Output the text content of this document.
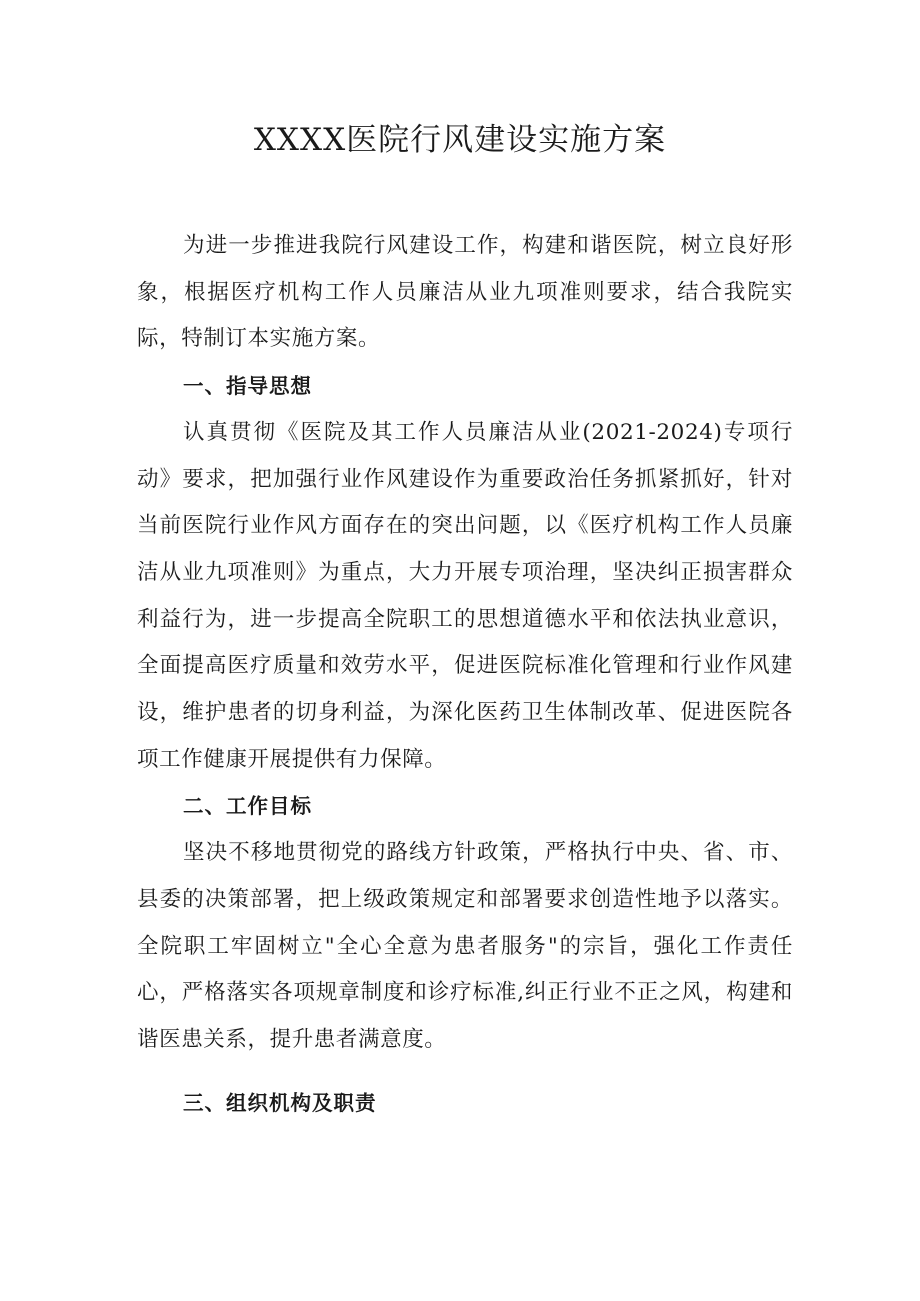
XXXX医院行风建设实施方案

为进一步推进我院行风建设工作，构建和谐医院，树立良好形象，根据医疗机构工作人员廉洁从业九项准则要求，结合我院实际，特制订本实施方案。

一、指导思想

认真贯彻《医院及其工作人员廉洁从业(2021-2024)专项行动》要求，把加强行业作风建设作为重要政治任务抓紧抓好，针对当前医院行业作风方面存在的突出问题，以《医疗机构工作人员廉洁从业九项准则》为重点，大力开展专项治理，坚决纠正损害群众利益行为，进一步提高全院职工的思想道德水平和依法执业意识，全面提高医疗质量和效劳水平，促进医院标准化管理和行业作风建设，维护患者的切身利益，为深化医药卫生体制改革、促进医院各项工作健康开展提供有力保障。

二、工作目标

坚决不移地贯彻党的路线方针政策，严格执行中央、省、市、县委的决策部署，把上级政策规定和部署要求创造性地予以落实。全院职工牢固树立"全心全意为患者服务"的宗旨，强化工作责任心，严格落实各项规章制度和诊疗标准,纠正行业不正之风，构建和谐医患关系，提升患者满意度。

三、组织机构及职责
